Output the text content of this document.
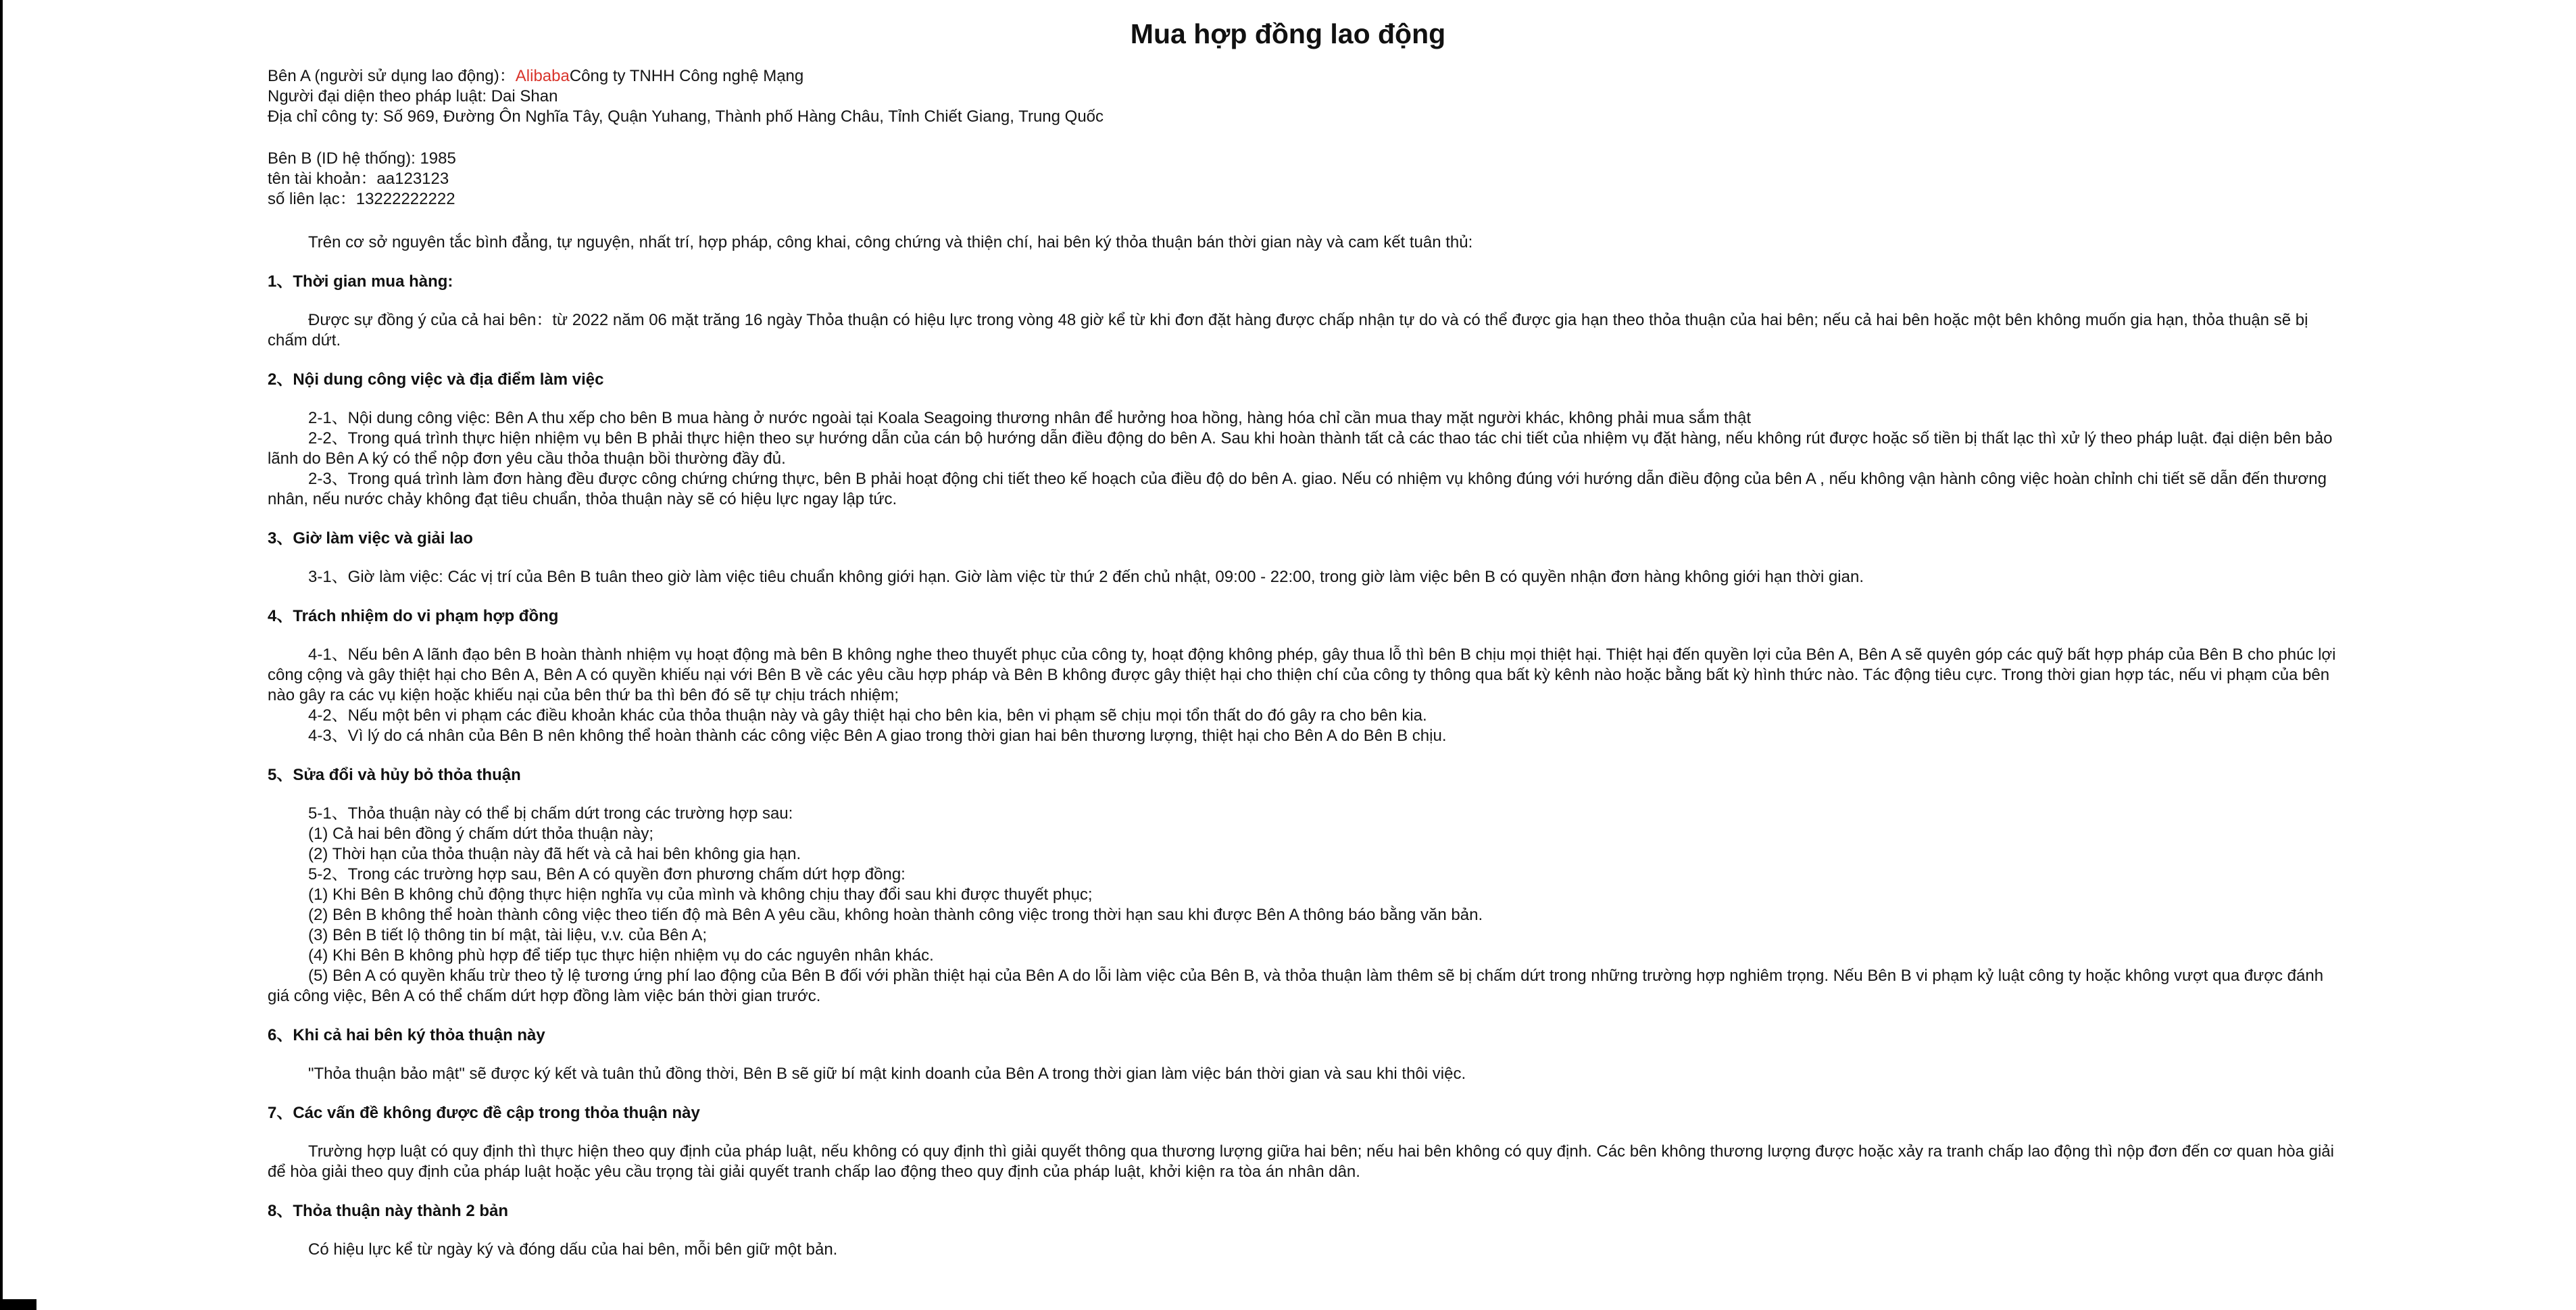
Mua hợp đồng lao động

Bên A (người sử dụng lao động)：AlibabaCông ty TNHH Công nghệ Mạng

Người đại diện theo pháp luật: Dai Shan

Địa chỉ công ty: Số 969, Đường Ôn Nghĩa Tây, Quận Yuhang, Thành phố Hàng Châu, Tỉnh Chiết Giang, Trung Quốc

Bên B (ID hệ thống): 1985

tên tài khoản：aa123123

số liên lạc：13222222222

Trên cơ sở nguyên tắc bình đẳng, tự nguyện, nhất trí, hợp pháp, công khai, công chứng và thiện chí, hai bên ký thỏa thuận bán thời gian này và cam kết tuân thủ:

1、Thời gian mua hàng:

Được sự đồng ý của cả hai bên：từ 2022 năm 06 mặt trăng 16 ngày Thỏa thuận có hiệu lực trong vòng 48 giờ kể từ khi đơn đặt hàng được chấp nhận tự do và có thể được gia hạn theo thỏa thuận của hai bên; nếu cả hai bên hoặc một bên không muốn gia hạn, thỏa thuận sẽ bị chấm dứt.

2、Nội dung công việc và địa điểm làm việc

2-1、Nội dung công việc: Bên A thu xếp cho bên B mua hàng ở nước ngoài tại Koala Seagoing thương nhân để hưởng hoa hồng, hàng hóa chỉ cần mua thay mặt người khác, không phải mua sắm thật

2-2、Trong quá trình thực hiện nhiệm vụ bên B phải thực hiện theo sự hướng dẫn của cán bộ hướng dẫn điều động do bên A. Sau khi hoàn thành tất cả các thao tác chi tiết của nhiệm vụ đặt hàng, nếu không rút được hoặc số tiền bị thất lạc thì xử lý theo pháp luật. đại diện bên bảo lãnh do Bên A ký có thể nộp đơn yêu cầu thỏa thuận bồi thường đầy đủ.

2-3、Trong quá trình làm đơn hàng đều được công chứng chứng thực, bên B phải hoạt động chi tiết theo kế hoạch của điều độ do bên A. giao. Nếu có nhiệm vụ không đúng với hướng dẫn điều động của bên A , nếu không vận hành công việc hoàn chỉnh chi tiết sẽ dẫn đến thương nhân, nếu nước chảy không đạt tiêu chuẩn, thỏa thuận này sẽ có hiệu lực ngay lập tức.

3、Giờ làm việc và giải lao

3-1、Giờ làm việc: Các vị trí của Bên B tuân theo giờ làm việc tiêu chuẩn không giới hạn. Giờ làm việc từ thứ 2 đến chủ nhật, 09:00 - 22:00, trong giờ làm việc bên B có quyền nhận đơn hàng không giới hạn thời gian.

4、Trách nhiệm do vi phạm hợp đồng

4-1、Nếu bên A lãnh đạo bên B hoàn thành nhiệm vụ hoạt động mà bên B không nghe theo thuyết phục của công ty, hoạt động không phép, gây thua lỗ thì bên B chịu mọi thiệt hại. Thiệt hại đến quyền lợi của Bên A, Bên A sẽ quyên góp các quỹ bất hợp pháp của Bên B cho phúc lợi công cộng và gây thiệt hại cho Bên A, Bên A có quyền khiếu nại với Bên B về các yêu cầu hợp pháp và Bên B không được gây thiệt hại cho thiện chí của công ty thông qua bất kỳ kênh nào hoặc bằng bất kỳ hình thức nào. Tác động tiêu cực. Trong thời gian hợp tác, nếu vi phạm của bên nào gây ra các vụ kiện hoặc khiếu nại của bên thứ ba thì bên đó sẽ tự chịu trách nhiệm;

4-2、Nếu một bên vi phạm các điều khoản khác của thỏa thuận này và gây thiệt hại cho bên kia, bên vi phạm sẽ chịu mọi tổn thất do đó gây ra cho bên kia.

4-3、Vì lý do cá nhân của Bên B nên không thể hoàn thành các công việc Bên A giao trong thời gian hai bên thương lượng, thiệt hại cho Bên A do Bên B chịu.

5、Sửa đổi và hủy bỏ thỏa thuận

5-1、Thỏa thuận này có thể bị chấm dứt trong các trường hợp sau:

(1) Cả hai bên đồng ý chấm dứt thỏa thuận này;

(2) Thời hạn của thỏa thuận này đã hết và cả hai bên không gia hạn.

5-2、Trong các trường hợp sau, Bên A có quyền đơn phương chấm dứt hợp đồng:

(1) Khi Bên B không chủ động thực hiện nghĩa vụ của mình và không chịu thay đổi sau khi được thuyết phục;

(2) Bên B không thể hoàn thành công việc theo tiến độ mà Bên A yêu cầu, không hoàn thành công việc trong thời hạn sau khi được Bên A thông báo bằng văn bản.

(3) Bên B tiết lộ thông tin bí mật, tài liệu, v.v. của Bên A;

(4) Khi Bên B không phù hợp để tiếp tục thực hiện nhiệm vụ do các nguyên nhân khác.

(5) Bên A có quyền khấu trừ theo tỷ lệ tương ứng phí lao động của Bên B đối với phần thiệt hại của Bên A do lỗi làm việc của Bên B, và thỏa thuận làm thêm sẽ bị chấm dứt trong những trường hợp nghiêm trọng. Nếu Bên B vi phạm kỷ luật công ty hoặc không vượt qua được đánh giá công việc, Bên A có thể chấm dứt hợp đồng làm việc bán thời gian trước.

6、Khi cả hai bên ký thỏa thuận này

"Thỏa thuận bảo mật" sẽ được ký kết và tuân thủ đồng thời, Bên B sẽ giữ bí mật kinh doanh của Bên A trong thời gian làm việc bán thời gian và sau khi thôi việc.

7、Các vấn đề không được đề cập trong thỏa thuận này

Trường hợp luật có quy định thì thực hiện theo quy định của pháp luật, nếu không có quy định thì giải quyết thông qua thương lượng giữa hai bên; nếu hai bên không có quy định. Các bên không thương lượng được hoặc xảy ra tranh chấp lao động thì nộp đơn đến cơ quan hòa giải để hòa giải theo quy định của pháp luật hoặc yêu cầu trọng tài giải quyết tranh chấp lao động theo quy định của pháp luật, khởi kiện ra tòa án nhân dân.

8、Thỏa thuận này thành 2 bản

Có hiệu lực kể từ ngày ký và đóng dấu của hai bên, mỗi bên giữ một bản.
